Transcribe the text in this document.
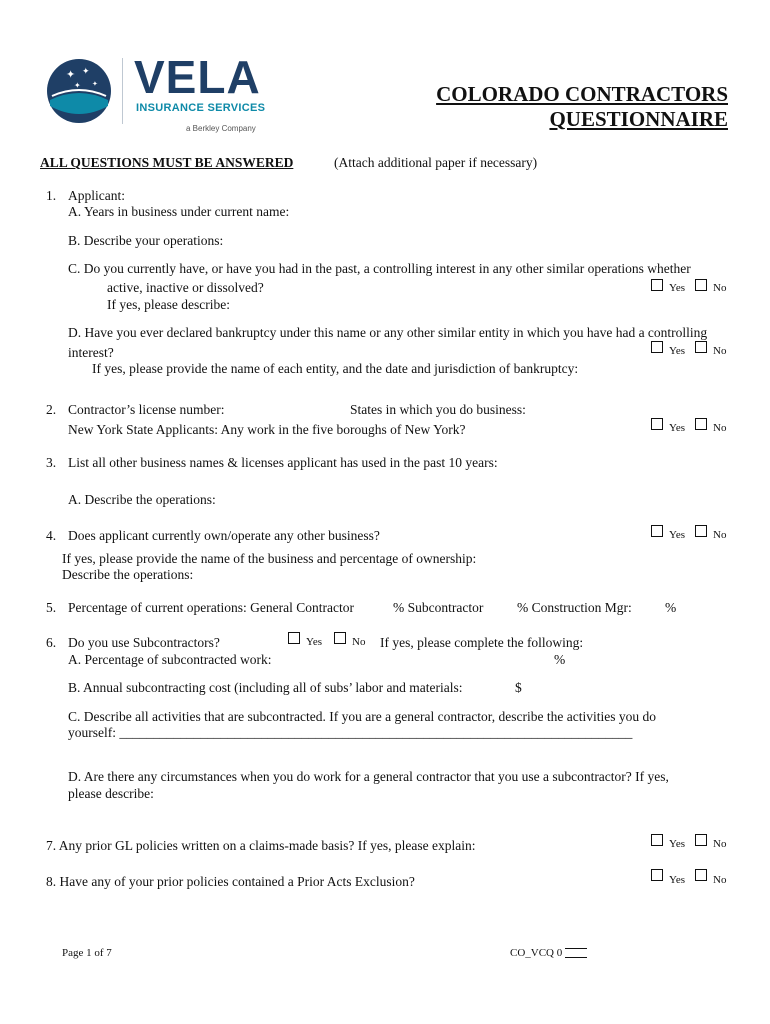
✦ ✦
✦ ✦ VELA
INSURANCE SERVICES
a Berkley Company
COLORADO CONTRACTORS
QUESTIONNAIRE
ALL QUESTIONS MUST BE ANSWERED	(Attach additional paper if necessary)
1. Applicant:
A. Years in business under current name:
B. Describe your operations:
C. Do you currently have, or have you had in the past, a controlling interest in any other similar operations whether
active, inactive or dissolved?
If yes, please describe:
Yes	No
D. Have you ever declared bankruptcy under this name or any other similar entity in which you have had a controlling
interest?
If yes, please provide the name of each entity, and the date and jurisdiction of bankruptcy:
Yes	No
2. Contractor’s license number:	States in which you do business:
New York State Applicants: Any work in the five boroughs of New York?	Yes	No
3. List all other business names & licenses applicant has used in the past 10 years:
A. Describe the operations:
4. Does applicant currently own/operate any other business?	Yes	No
If yes, please provide the name of the business and percentage of ownership:
Describe the operations:
5. Percentage of current operations: General Contractor	% Subcontractor % Construction Mgr: %
6. Do you use Subcontractors?	Yes	No If yes, please complete the following:
A. Percentage of subcontracted work:	%
B. Annual subcontracting cost (including all of subs’ labor and materials:	$
C. Describe all activities that are subcontracted. If you are a general contractor, describe the activities you do
yourself: ____________________________________________________________________________
D. Are there any circumstances when you do work for a general contractor that you use a subcontractor? If yes,
please describe:
7. Any prior GL policies written on a claims-made basis? If yes, please explain:	Yes	No
8. Have any of your prior policies contained a Prior Acts Exclusion?	Yes	No
Page 1 of 7	CO_VCQ 0
